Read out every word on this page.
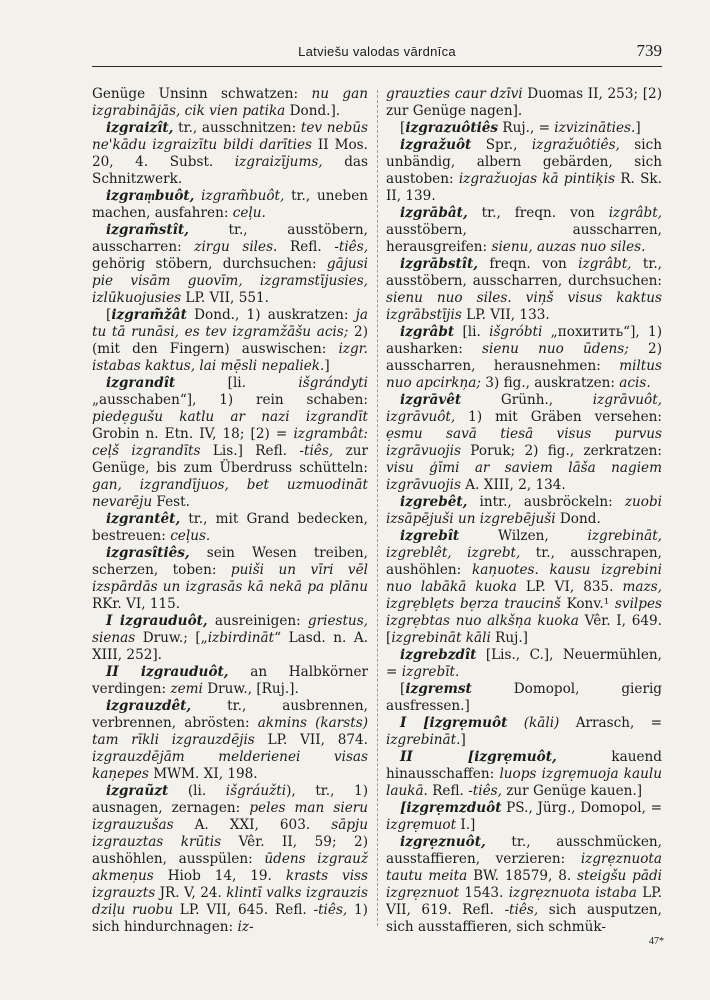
Latviešu valodas vārdnīca	739

Genüge Unsinn schwatzen: nu gan izgrabinājās, cik vien patika Dond.].

izgraizît, tr., ausschnitzen: tev nebūs ne'kādu izgraizītu bildi darīties II Mos. 20, 4. Subst. izgraizījums, das Schnitzwerk.

izgramͅbuôt, izgram̃buôt, tr., uneben machen, ausfahren: ceļu.

izgram̃stît, tr., ausstöbern, ausscharren: zirgu siles. Refl. -tiês, gehörig stöbern, durchsuchen: gājusi pie visām guovīm, izgramstījusies, izlūkuojusies LP. VII, 551.

[izgram̃žât Dond., 1) auskratzen: ja tu tā runāsi, es tev izgramžāšu acis; 2) (mit den Fingern) auswischen: izgr. istabas kaktus, lai mẹ̄sli nepaliek.]

izgrandît [li. išgrándyti „ausschaben“], 1) rein schaben: piedẹgušu katlu ar nazi izgrandīt Grobin n. Etn. IV, 18; [2) = izgrambât: ceļš izgrandīts Lis.] Refl. -tiês, zur Genüge, bis zum Überdruss schütteln: gan, izgrandījuos, bet uzmuodināt nevarēju Fest.

izgrantêt, tr., mit Grand bedecken, bestreuen: ceļus.

izgrasîtiês, sein Wesen treiben, scherzen, toben: puiši un vīri vēl izspārdās un izgrasās kā nekā pa plānu RKr. VI, 115.

I izgrauduôt, ausreinigen: griestus, sienas Druw.; [„izbirdināt“ Lasd. n. A. XIII, 252].

II izgrauduôt, an Halbkörner verdingen: zemi Druw., [Ruj.].

izgrauzdêt, tr., ausbrennen, verbrennen, abrösten: akmins (karsts) tam rīkli izgrauzdējis LP. VII, 874. izgrauzdējām melderienei visas kaņepes MWM. XI, 198.

izgraũzt (li. išgráužti), tr., 1) ausnagen, zernagen: peles man sieru izgrauzušas A. XXI, 603. sāpju izgrauztas krūtis Vêr. II, 59; 2) aushöhlen, ausspülen: ūdens izgrauž akmeņus Hiob 14, 19. krasts viss izgrauzts JR. V, 24. klintī valks izgrauzis dziļu ruobu LP. VII, 645. Refl. -tiês, 1) sich hindurchnagen: iz-

grauzties caur dzīvi Duomas II, 253; [2) zur Genüge nagen].

[izgrazuôtiês Ruj., = izvizināties.]

izgražuôt Spr., izgražuôtiês, sich unbändig, albern gebärden, sich austoben: izgražuojas kā pintiķis R. Sk. II, 139.

izgrābât, tr., freqn. von izgrâbt, ausstöbern, ausscharren, herausgreifen: sienu, auzas nuo siles.

izgrābstît, freqn. von izgrâbt, tr., ausstöbern, ausscharren, durchsuchen: sienu nuo siles. viņš visus kaktus izgrābstījis LP. VII, 133.

izgrâbt [li. išgróbti „похитить“], 1) ausharken: sienu nuo ūdens; 2) ausscharren, herausnehmen: miltus nuo apcirkņa; 3) fig., auskratzen: acis.

izgrāvêt Grünh., izgrāvuôt, izgrāvuôt, 1) mit Gräben versehen: ẹsmu savā tiesā visus purvus izgrāvuojis Poruk; 2) fig., zerkratzen: visu ģīmi ar saviem lāša nagiem izgrāvuojis A. XIII, 2, 134.

izgrebêt, intr., ausbröckeln: zuobi izsāpējuši un izgrebējuši Dond.

izgrebît Wilzen, izgrebināt, izgreblêt, izgrebt, tr., ausschrapen, aushöhlen: kaņuotes. kausu izgrebini nuo labākā kuoka LP. VI, 835. mazs, izgrẹblẹts bẹrza traucinš Konv.¹ svilpes izgrẹbtas nuo alkšņa kuoka Vêr. I, 649. [izgrebināt kāli Ruj.]

izgrebzdît [Lis., C.], Neuermühlen, = izgrebīt.

[izgremst Domopol, gierig ausfressen.]

I [izgrẹmuôt (kāli) Arrasch, = izgrebināt.]

II [izgrẹmuôt, kauend hinausschaffen: luops izgrẹmuoja kaulu laukā. Refl. -tiês, zur Genüge kauen.]

[izgrẹmzduôt PS., Jürg., Domopol, = izgrẹmuot I.]

izgrẹznuôt, tr., ausschmücken, ausstaffieren, verzieren: izgrẹznuota tautu meita BW. 18579, 8. steigšu pādi izgrẹznuot 1543. izgrẹznuota istaba LP. VII, 619. Refl. -tiês, sich ausputzen, sich ausstaffieren, sich schmük-

47*
